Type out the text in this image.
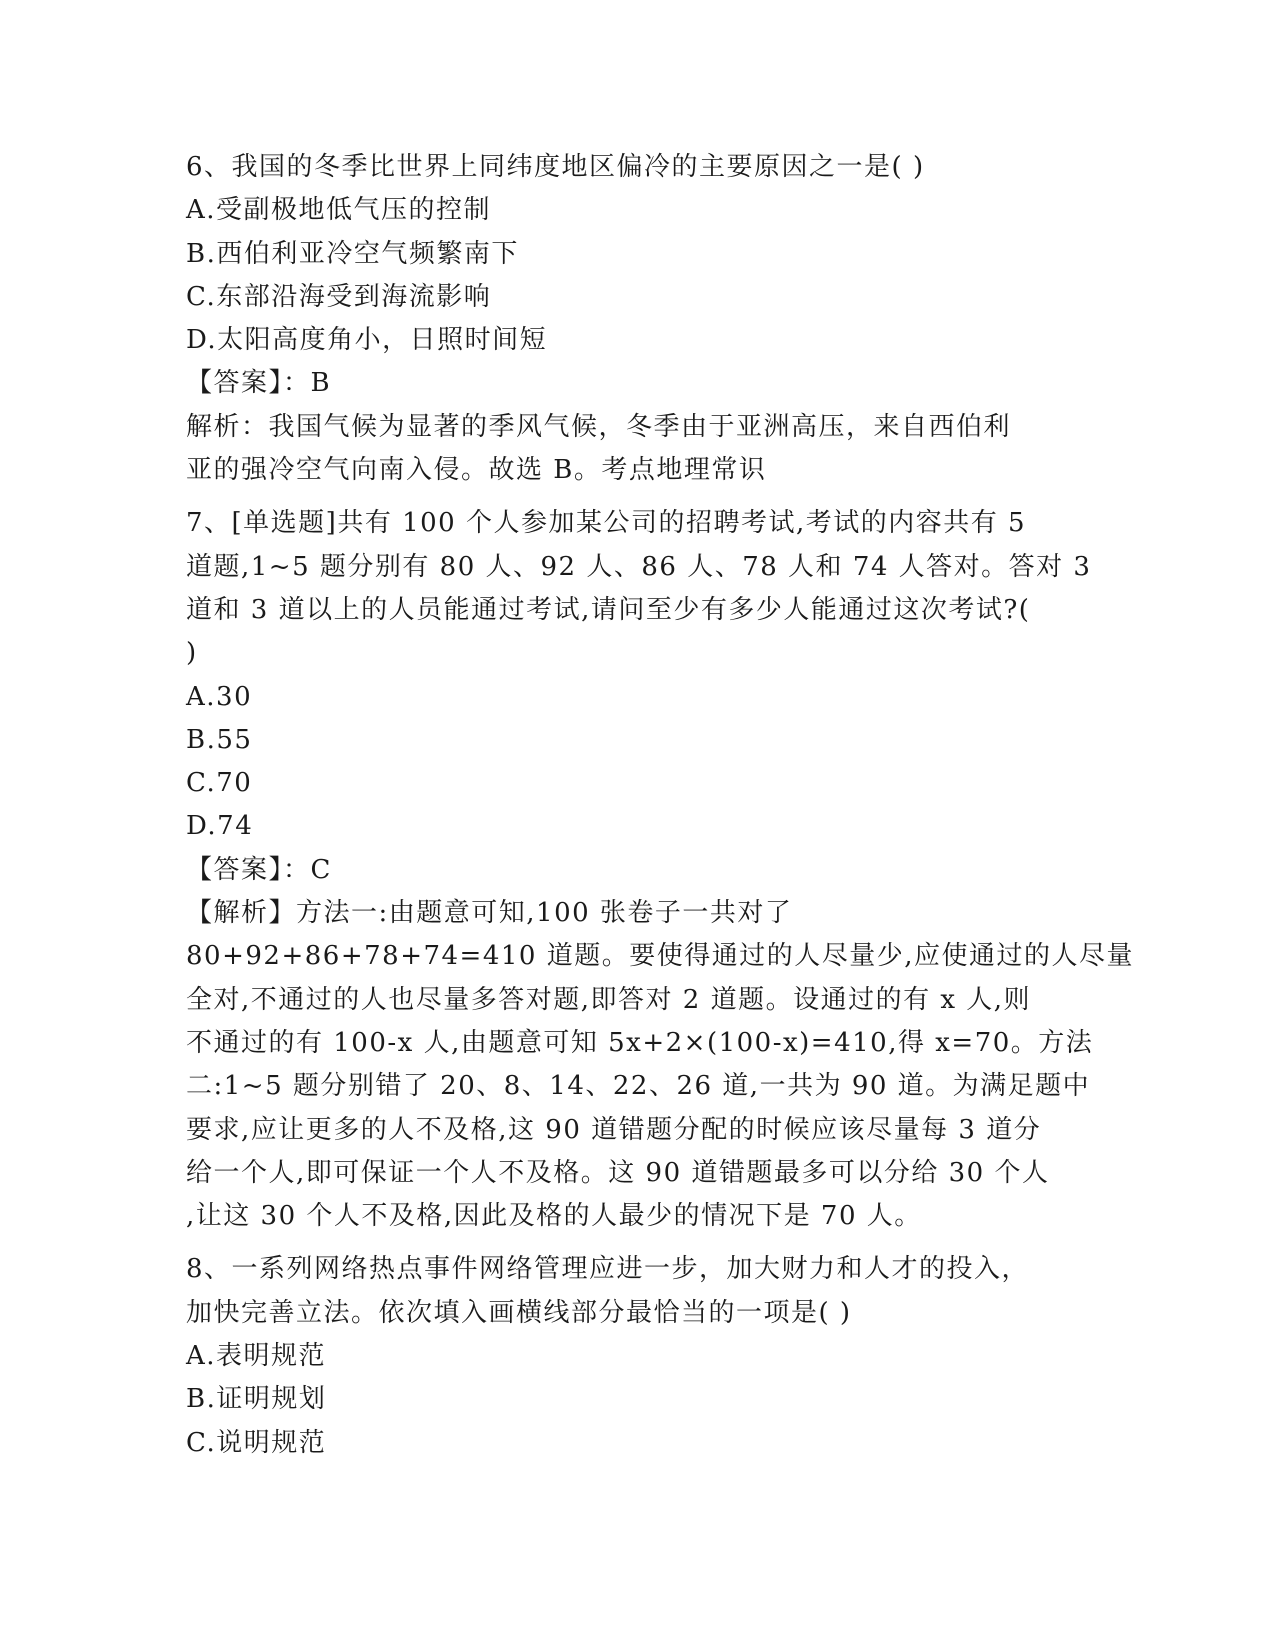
6、我国的冬季比世界上同纬度地区偏冷的主要原因之一是( )
A.受副极地低气压的控制
B.西伯利亚冷空气频繁南下
C.东部沿海受到海流影响
D.太阳高度角小，日照时间短
【答案】：B
解析：我国气候为显著的季风气候，冬季由于亚洲高压，来自西伯利
亚的强冷空气向南入侵。故选 B。考点地理常识
7、[单选题]共有 100 个人参加某公司的招聘考试,考试的内容共有 5
道题,1~5 题分别有 80 人、92 人、86 人、78 人和 74 人答对。答对 3
道和 3 道以上的人员能通过考试,请问至少有多少人能通过这次考试?(
)
A.30
B.55
C.70
D.74
【答案】：C
【解析】方法一:由题意可知,100 张卷子一共对了
80+92+86+78+74=410 道题。要使得通过的人尽量少,应使通过的人尽量
全对,不通过的人也尽量多答对题,即答对 2 道题。设通过的有 x 人,则
不通过的有 100-x 人,由题意可知 5x+2×(100-x)=410,得 x=70。方法
二:1~5 题分别错了 20、8、14、22、26 道,一共为 90 道。为满足题中
要求,应让更多的人不及格,这 90 道错题分配的时候应该尽量每 3 道分
给一个人,即可保证一个人不及格。这 90 道错题最多可以分给 30 个人
,让这 30 个人不及格,因此及格的人最少的情况下是 70 人。
8、一系列网络热点事件网络管理应进一步，加大财力和人才的投入，
加快完善立法。依次填入画横线部分最恰当的一项是( )
A.表明规范
B.证明规划
C.说明规范
